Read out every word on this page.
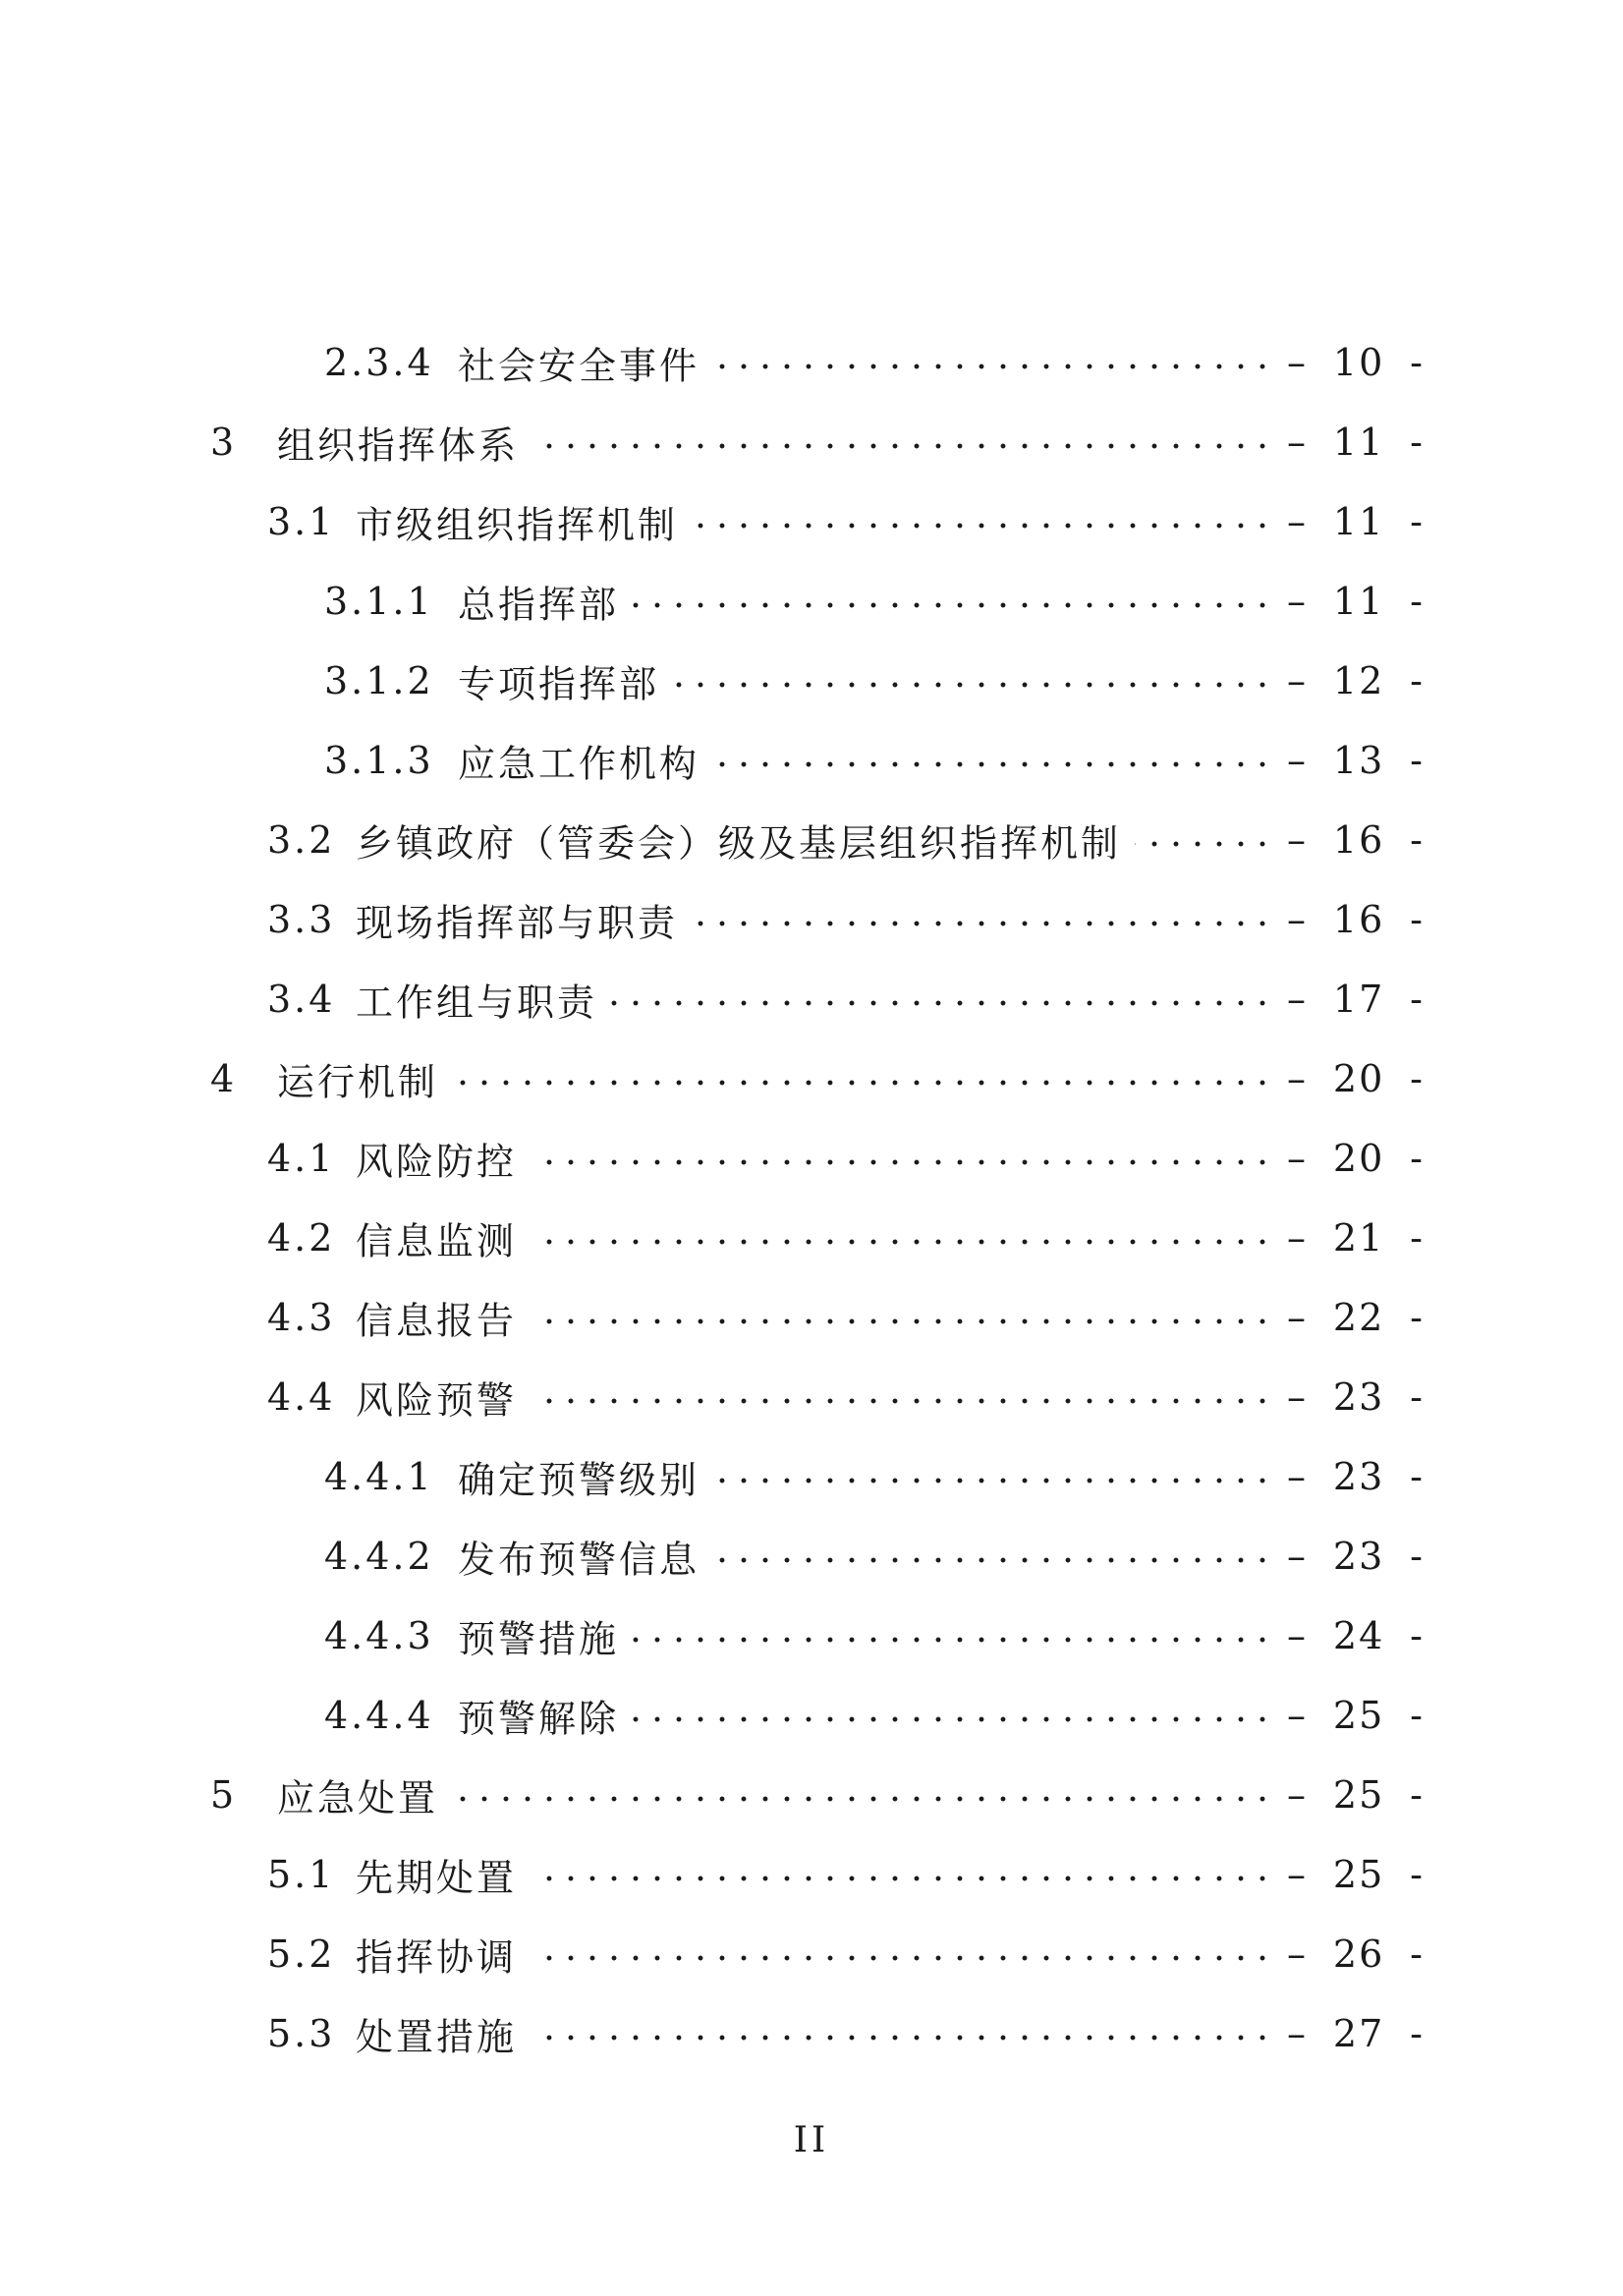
2.3.4 社会安全事件	– 10 -
3 组织指挥体系	– 11 -
3.1 市级组织指挥机制	– 11 -
3.1.1 总指挥部	– 11 -
3.1.2 专项指挥部	– 12 -
3.1.3 应急工作机构	– 13 -
3.2 乡镇政府（管委会）级及基层组织指挥机制	– 16 -
3.3 现场指挥部与职责	– 16 -
3.4 工作组与职责	– 17 -
4 运行机制	– 20 -
4.1 风险防控	– 20 -
4.2 信息监测	– 21 -
4.3 信息报告	– 22 -
4.4 风险预警	– 23 -
4.4.1 确定预警级别	– 23 -
4.4.2 发布预警信息	– 23 -
4.4.3 预警措施	– 24 -
4.4.4 预警解除	– 25 -
5 应急处置	– 25 -
5.1 先期处置	– 25 -
5.2 指挥协调	– 26 -
5.3 处置措施	– 27 -
II
